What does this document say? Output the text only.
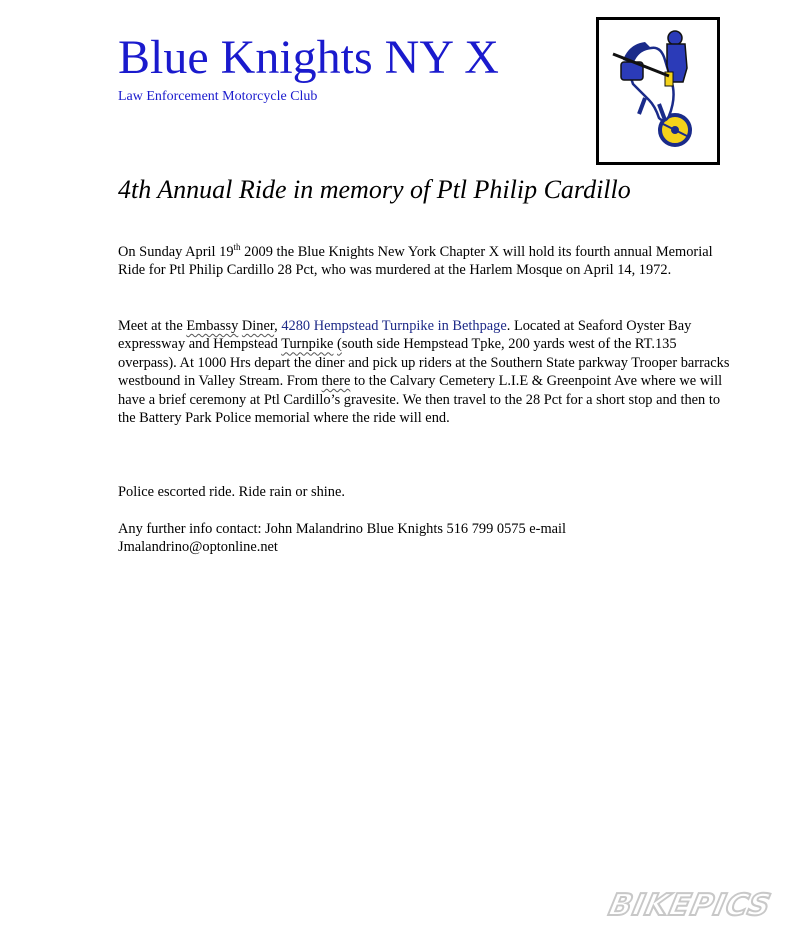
Blue Knights NY X
Law Enforcement Motorcycle Club
4th Annual Ride in memory of Ptl Philip Cardillo
On Sunday April 19th 2009 the Blue Knights New York Chapter X will hold its fourth annual Memorial Ride for Ptl Philip Cardillo 28 Pct, who was murdered at the Harlem Mosque on April 14, 1972.
Meet at the Embassy Diner, 4280 Hempstead Turnpike in Bethpage. Located at Seaford Oyster Bay expressway and Hempstead Turnpike (south side Hempstead Tpke, 200 yards west of the RT.135 overpass). At 1000 Hrs depart the diner and pick up riders at the Southern State parkway Trooper barracks westbound in Valley Stream. From there to the Calvary Cemetery L.I.E & Greenpoint Ave where we will have a brief ceremony at Ptl Cardillo’s gravesite. We then travel to the 28 Pct for a short stop and then to the Battery Park Police memorial where the ride will end.
Police escorted ride. Ride rain or shine.
Any further info contact: John Malandrino Blue Knights 516 799 0575 e-mail
Jmalandrino@optonline.net
BIKEPICS
